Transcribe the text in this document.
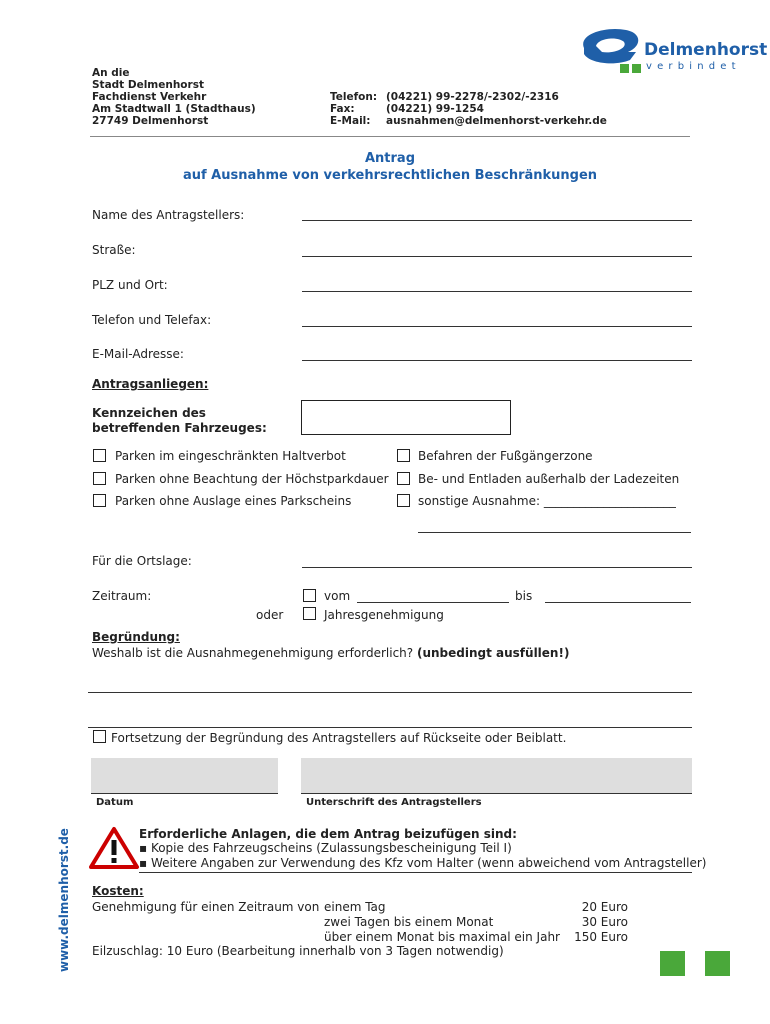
Delmenhorst
v e r b i n d e t
An die
Stadt Delmenhorst
Fachdienst Verkehr
Am Stadtwall 1 (Stadthaus)
27749 Delmenhorst
Telefon: (04221) 99-2278/-2302/-2316
Fax:	(04221) 99-1254
E-Mail: ausnahmen@delmenhorst-verkehr.de
Antrag
auf Ausnahme von verkehrsrechtlichen Beschränkungen
Name des Antragstellers:
Straße:
PLZ und Ort:
Telefon und Telefax:
E-Mail-Adresse:
Antragsanliegen:
Kennzeichen des
betreffenden Fahrzeuges:
Parken im eingeschränkten Haltverbot
Parken ohne Beachtung der Höchstparkdauer
Parken ohne Auslage eines Parkscheins
Befahren der Fußgängerzone
Be- und Entladen außerhalb der Ladezeiten
sonstige Ausnahme: ______________________
Für die Ortslage:
Zeitraum:	vom	bis
oder	Jahresgenehmigung
Begründung:
Weshalb ist die Ausnahmegenehmigung erforderlich? (unbedingt ausfüllen!)
Fortsetzung der Begründung des Antragstellers auf Rückseite oder Beiblatt.
Datum	Unterschrift des Antragstellers
Erforderliche Anlagen, die dem Antrag beizufügen sind:
▪ Kopie des Fahrzeugscheins (Zulassungsbescheinigung Teil I)
▪ Weitere Angaben zur Verwendung des Kfz vom Halter (wenn abweichend vom Antragsteller)
Kosten:
Genehmigung für einen Zeitraum von einem Tag	20 Euro
zwei Tagen bis einem Monat	30 Euro
über einem Monat bis maximal ein Jahr	150 Euro
Eilzuschlag: 10 Euro (Bearbeitung innerhalb von 3 Tagen notwendig)
www.delmenhorst.de
